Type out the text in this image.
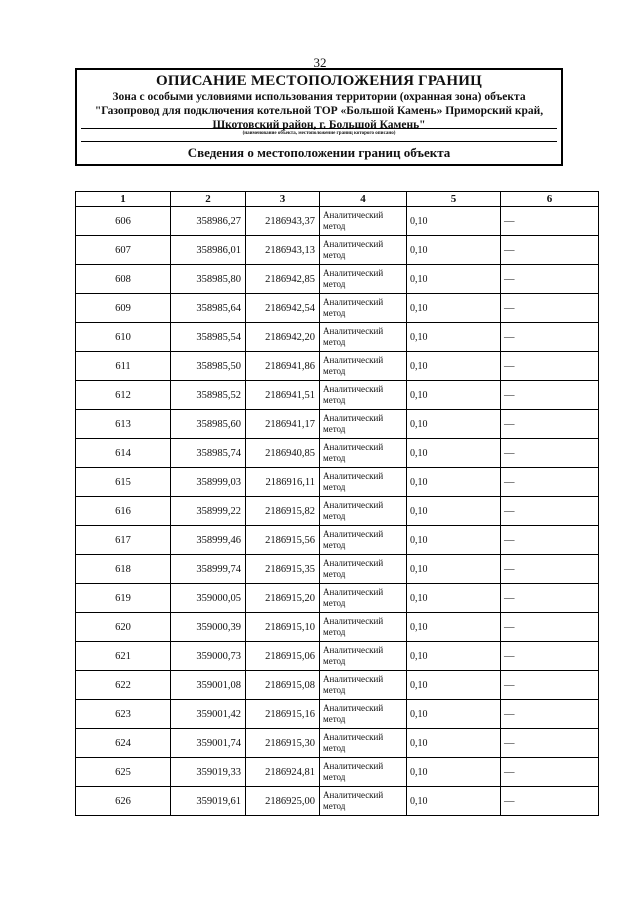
32
ОПИСАНИЕ МЕСТОПОЛОЖЕНИЯ ГРАНИЦ
Зона с особыми условиями использования территории (охранная зона) объекта
"Газопровод для подключения котельной ТОР «Большой Камень» Приморский край,
Шкотовский район, г. Большой Камень"
(наименование объекта, местоположение границ которого описано)
Сведения о местоположении границ объекта
1	2	3	4	5	6
606	358986,27	2186943,37	Аналитический метод	0,10	—
607	358986,01	2186943,13	Аналитический метод	0,10	—
608	358985,80	2186942,85	Аналитический метод	0,10	—
609	358985,64	2186942,54	Аналитический метод	0,10	—
610	358985,54	2186942,20	Аналитический метод	0,10	—
611	358985,50	2186941,86	Аналитический метод	0,10	—
612	358985,52	2186941,51	Аналитический метод	0,10	—
613	358985,60	2186941,17	Аналитический метод	0,10	—
614	358985,74	2186940,85	Аналитический метод	0,10	—
615	358999,03	2186916,11	Аналитический метод	0,10	—
616	358999,22	2186915,82	Аналитический метод	0,10	—
617	358999,46	2186915,56	Аналитический метод	0,10	—
618	358999,74	2186915,35	Аналитический метод	0,10	—
619	359000,05	2186915,20	Аналитический метод	0,10	—
620	359000,39	2186915,10	Аналитический метод	0,10	—
621	359000,73	2186915,06	Аналитический метод	0,10	—
622	359001,08	2186915,08	Аналитический метод	0,10	—
623	359001,42	2186915,16	Аналитический метод	0,10	—
624	359001,74	2186915,30	Аналитический метод	0,10	—
625	359019,33	2186924,81	Аналитический метод	0,10	—
626	359019,61	2186925,00	Аналитический метод	0,10	—
